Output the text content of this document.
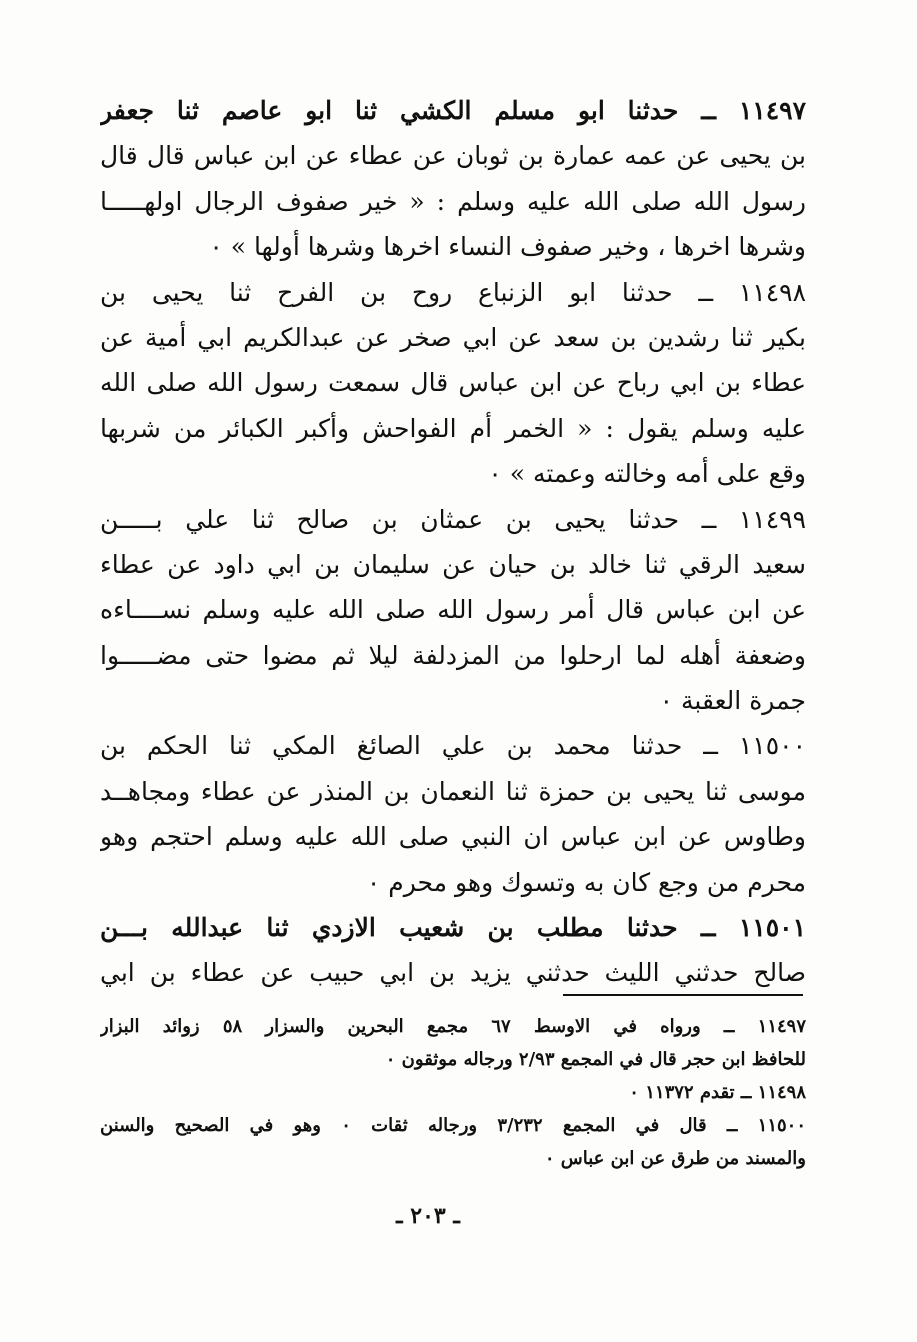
١١٤٩٧ ــ حدثنا ابو مسلم الكشي ثنا ابو عاصم ثنا جعفر
بن يحيى عن عمه عمارة بن ثوبان عن عطاء عن ابن عباس قال قال
رسول الله صلى الله عليه وسلم : « خير صفوف الرجال اولهـــــا
وشرها اخرها ، وخير صفوف النساء اخرها وشرها أولها » ٠
١١٤٩٨ ــ حدثنا ابو الزنباع روح بن الفرح ثنا يحيى بن
بكير ثنا رشدين بن سعد عن ابي صخر عن عبدالكريم ابي أمية عن
عطاء بن ابي رباح عن ابن عباس قال سمعت رسول الله صلى الله
عليه وسلم يقول : « الخمر أم الفواحش وأكبر الكبائر من شربها
وقع على أمه وخالته وعمته » ٠
١١٤٩٩ ــ حدثنا يحيى بن عمثان بن صالح ثنا علي بـــــن
سعيد الرقي ثنا خالد بن حيان عن سليمان بن ابي داود عن عطاء
عن ابن عباس قال أمر رسول الله صلى الله عليه وسلم نســــاءه
وضعفة أهله لما ارحلوا من المزدلفة ليلا ثم مضوا حتى مضـــــوا
جمرة العقبة ٠
١١٥٠٠ ــ حدثنا محمد بن علي الصائغ المكي ثنا الحكم بن
موسى ثنا يحيى بن حمزة ثنا النعمان بن المنذر عن عطاء ومجاهــد
وطاوس عن ابن عباس ان النبي صلى الله عليه وسلم احتجم وهو
محرم من وجع كان به وتسوك وهو محرم ٠
١١٥٠١ ــ حدثنا مطلب بن شعيب الازدي ثنا عبدالله بـــن
صالح حدثني الليث حدثني يزيد بن ابي حبيب عن عطاء بن ابي
١١٤٩٧ ــ ورواه في الاوسط ٦٧ مجمع البحرين والسزار ٥٨ زوائد البزار
للحافظ ابن حجر قال في المجمع ٢/٩٣ ورجاله موثقون ٠
١١٤٩٨ ــ تقدم ١١٣٧٢ ٠
١١٥٠٠ ــ قال في المجمع ٣/٢٣٢ ورجاله ثقات ٠ وهو في الصحيح والسنن
والمسند من طرق عن ابن عباس ٠
ـ ٢٠٣ ـ
